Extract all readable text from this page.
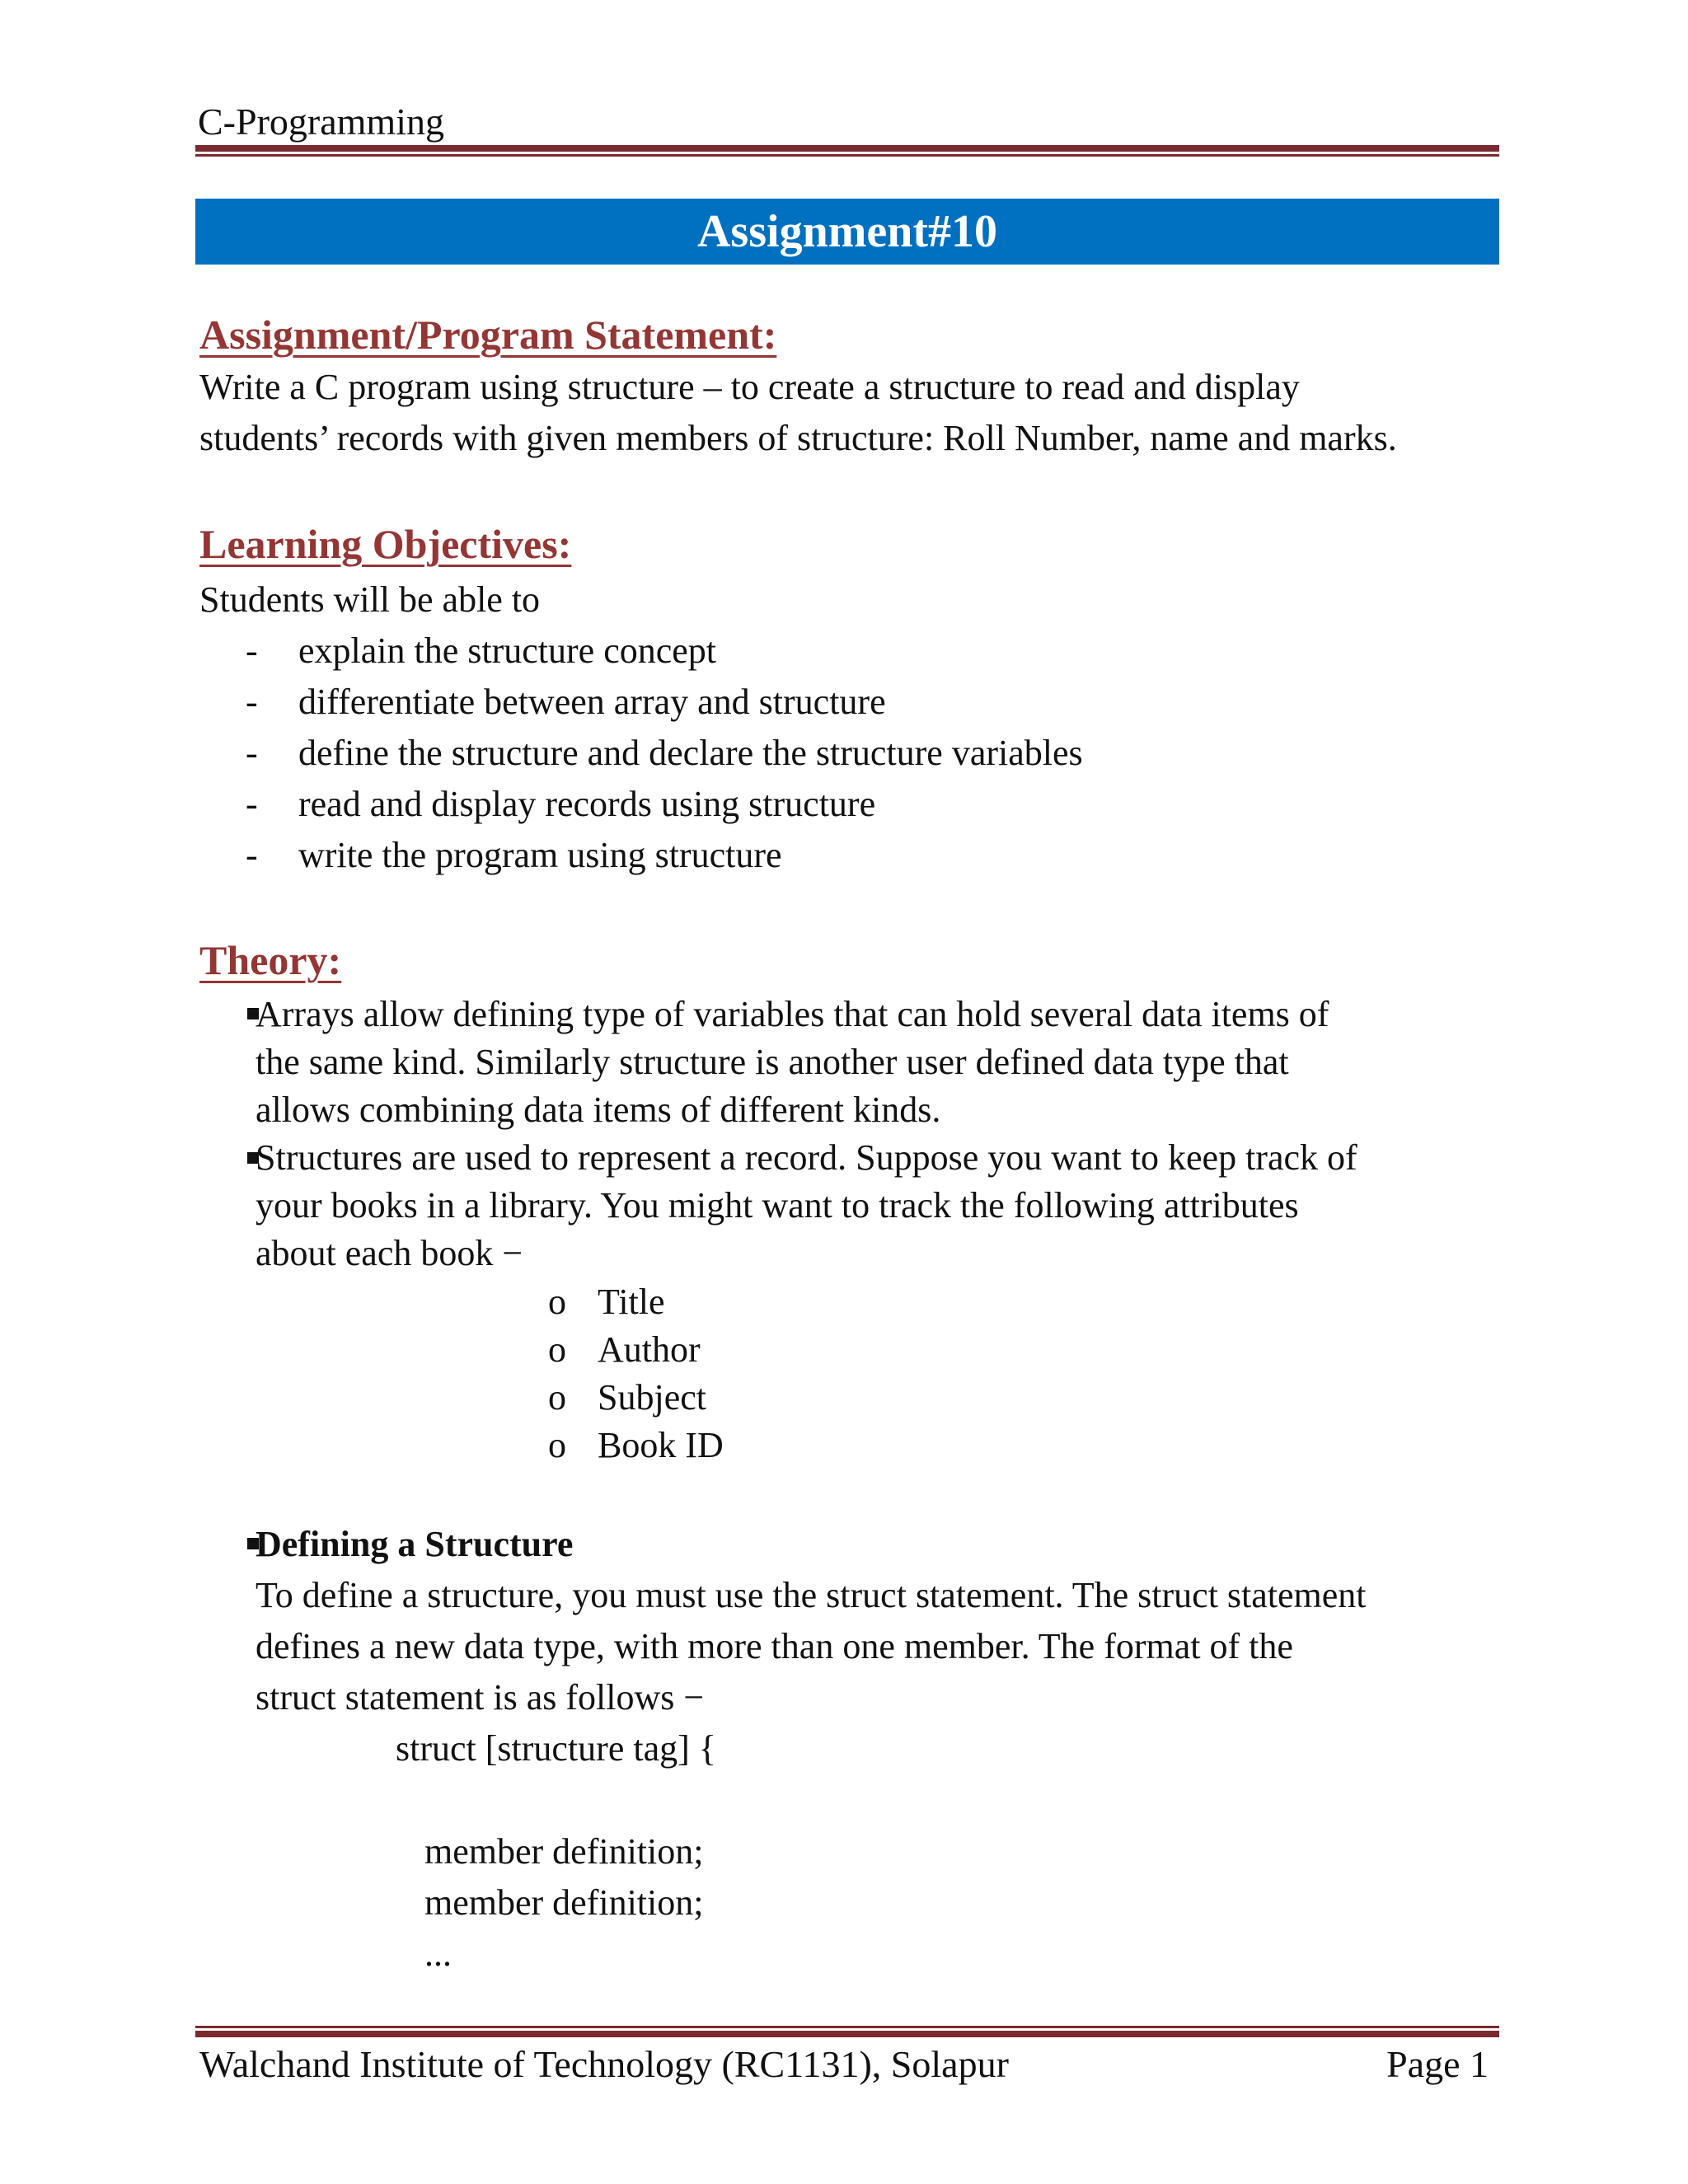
C-Programming
Assignment#10
Assignment/Program Statement:
Write a C program using structure – to create a structure to read and display
students’ records with given members of structure: Roll Number, name and marks.
Learning Objectives:
Students will be able to
- explain the structure concept
- differentiate between array and structure
- define the structure and declare the structure variables
- read and display records using structure
- write the program using structure
Theory:
Arrays allow defining type of variables that can hold several data items of
the same kind. Similarly structure is another user defined data type that
allows combining data items of different kinds.
Structures are used to represent a record. Suppose you want to keep track of
your books in a library. You might want to track the following attributes
about each book −
o Title
o Author
o Subject
o Book ID
Defining a Structure
To define a structure, you must use the struct statement. The struct statement
defines a new data type, with more than one member. The format of the
struct statement is as follows −
struct [structure tag] {
member definition;
member definition;
...
Walchand Institute of Technology (RC1131), Solapur	Page 1
